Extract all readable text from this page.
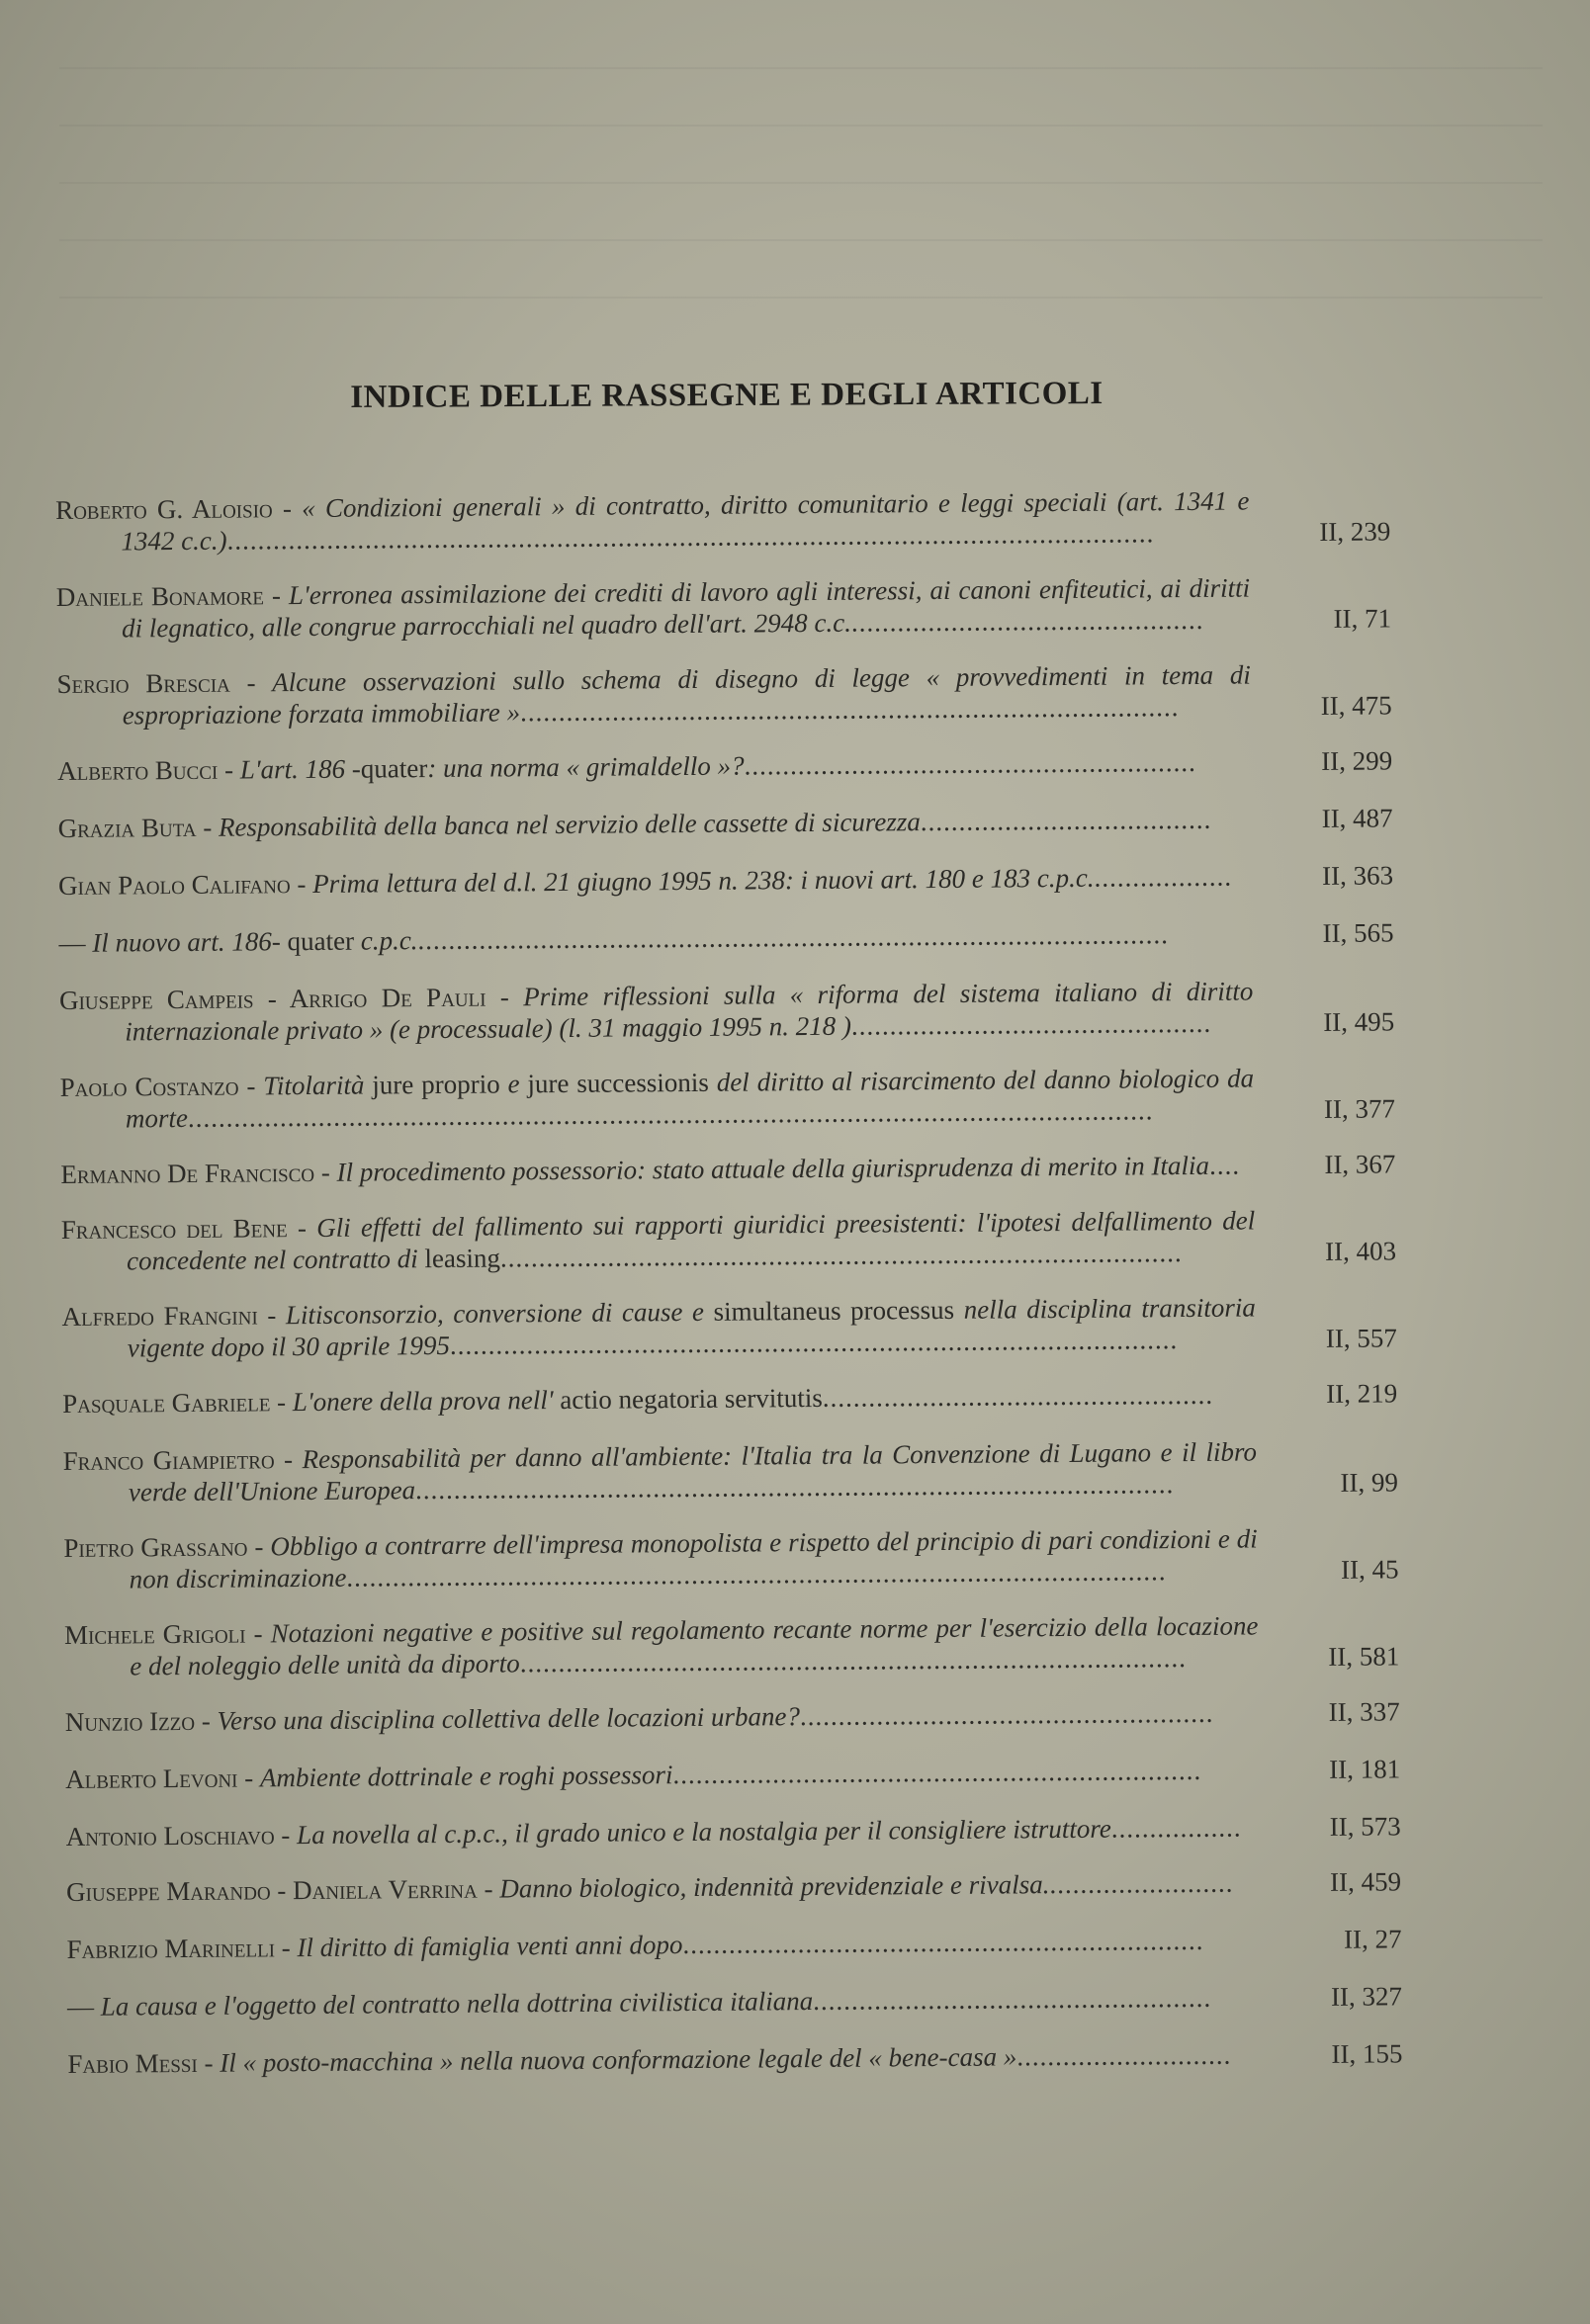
INDICE DELLE RASSEGNE E DEGLI ARTICOLI
Roberto G. Aloisio - « Condizioni generali » di contratto, diritto comunitario e leggi speciali (art. 1341 e 1342 c.c.).........................................................................................................................	II, 239
Daniele Bonamore - L'erronea assimilazione dei crediti di lavoro agli interessi, ai canoni enfiteutici, ai diritti di legnatico, alle congrue parrocchiali nel quadro dell'art. 2948 c.c...............................................	II, 71
Sergio Brescia - Alcune osservazioni sullo schema di disegno di legge « provvedimenti in tema di espropriazione forzata immobiliare »......................................................................................	II, 475
Alberto Bucci - L'art. 186 -quater: una norma « grimaldello »?...........................................................	II, 299
Grazia Buta - Responsabilità della banca nel servizio delle cassette di sicurezza......................................	II, 487
Gian Paolo Califano - Prima lettura del d.l. 21 giugno 1995 n. 238: i nuovi art. 180 e 183 c.p.c...................	II, 363
— Il nuovo art. 186- quater c.p.c...................................................................................................	II, 565
Giuseppe Campeis - Arrigo De Pauli - Prime riflessioni sulla « riforma del sistema italiano di diritto internazionale privato » (e processuale) (l. 31 maggio 1995 n. 218 )...............................................	II, 495
Paolo Costanzo - Titolarità jure proprio e jure successionis del diritto al risarcimento del danno biologico da morte..............................................................................................................................	II, 377
Ermanno De Francisco - Il procedimento possessorio: stato attuale della giurisprudenza di merito in Italia....	II, 367
Francesco del Bene - Gli effetti del fallimento sui rapporti giuridici preesistenti: l'ipotesi delfallimento del concedente nel contratto di leasing.........................................................................................	II, 403
Alfredo Frangini - Litisconsorzio, conversione di cause e simultaneus processus nella disciplina transitoria vigente dopo il 30 aprile 1995...............................................................................................	II, 557
Pasquale Gabriele - L'onere della prova nell' actio negatoria servitutis...................................................	II, 219
Franco Giampietro - Responsabilità per danno all'ambiente: l'Italia tra la Convenzione di Lugano e il libro verde dell'Unione Europea...................................................................................................	II, 99
Pietro Grassano - Obbligo a contrarre dell'impresa monopolista e rispetto del principio di pari condizioni e di non discriminazione...........................................................................................................	II, 45
Michele Grigoli - Notazioni negative e positive sul regolamento recante norme per l'esercizio della locazione e del noleggio delle unità da diporto.......................................................................................	II, 581
Nunzio Izzo - Verso una disciplina collettiva delle locazioni urbane?......................................................	II, 337
Alberto Levoni - Ambiente dottrinale e roghi possessori.....................................................................	II, 181
Antonio Loschiavo - La novella al c.p.c., il grado unico e la nostalgia per il consigliere istruttore.................	II, 573
Giuseppe Marando - Daniela Verrina - Danno biologico, indennità previdenziale e rivalsa.........................	II, 459
Fabrizio Marinelli - Il diritto di famiglia venti anni dopo....................................................................	II, 27
— La causa e l'oggetto del contratto nella dottrina civilistica italiana....................................................	II, 327
Fabio Messi - Il « posto-macchina » nella nuova conformazione legale del « bene-casa »............................	II, 155
